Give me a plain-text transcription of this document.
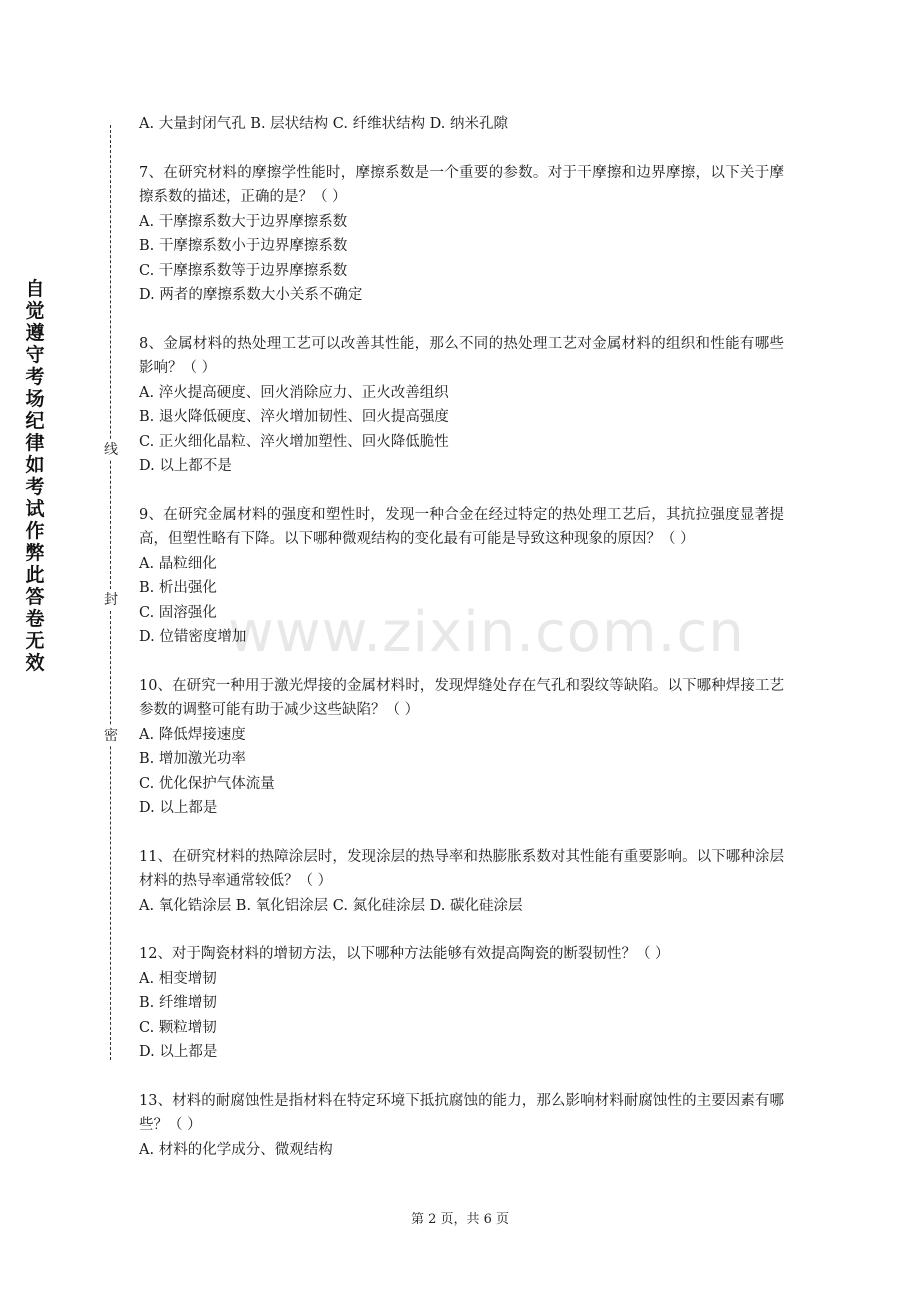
自觉遵守考场纪律如考试作弊此答卷无效
线
封
密
www.zixin.com.cn

A. 大量封闭气孔 B. 层状结构 C. 纤维状结构 D. 纳米孔隙

7、在研究材料的摩擦学性能时，摩擦系数是一个重要的参数。对于干摩擦和边界摩擦，以下关于摩擦系数的描述，正确的是？（ ）

A. 干摩擦系数大于边界摩擦系数

B. 干摩擦系数小于边界摩擦系数

C. 干摩擦系数等于边界摩擦系数

D. 两者的摩擦系数大小关系不确定

8、金属材料的热处理工艺可以改善其性能，那么不同的热处理工艺对金属材料的组织和性能有哪些影响？（ ）

A. 淬火提高硬度、回火消除应力、正火改善组织

B. 退火降低硬度、淬火增加韧性、回火提高强度

C. 正火细化晶粒、淬火增加塑性、回火降低脆性

D. 以上都不是

9、在研究金属材料的强度和塑性时，发现一种合金在经过特定的热处理工艺后，其抗拉强度显著提高，但塑性略有下降。以下哪种微观结构的变化最有可能是导致这种现象的原因？（ ）

A. 晶粒细化

B. 析出强化

C. 固溶强化

D. 位错密度增加

10、在研究一种用于激光焊接的金属材料时，发现焊缝处存在气孔和裂纹等缺陷。以下哪种焊接工艺参数的调整可能有助于减少这些缺陷？（ ）

A. 降低焊接速度

B. 增加激光功率

C. 优化保护气体流量

D. 以上都是

11、在研究材料的热障涂层时，发现涂层的热导率和热膨胀系数对其性能有重要影响。以下哪种涂层材料的热导率通常较低？（ ）

A. 氧化锆涂层 B. 氧化铝涂层 C. 氮化硅涂层 D. 碳化硅涂层

12、对于陶瓷材料的增韧方法，以下哪种方法能够有效提高陶瓷的断裂韧性？（ ）

A. 相变增韧

B. 纤维增韧

C. 颗粒增韧

D. 以上都是

13、材料的耐腐蚀性是指材料在特定环境下抵抗腐蚀的能力，那么影响材料耐腐蚀性的主要因素有哪些？（ ）

A. 材料的化学成分、微观结构

第 2 页，共 6 页
